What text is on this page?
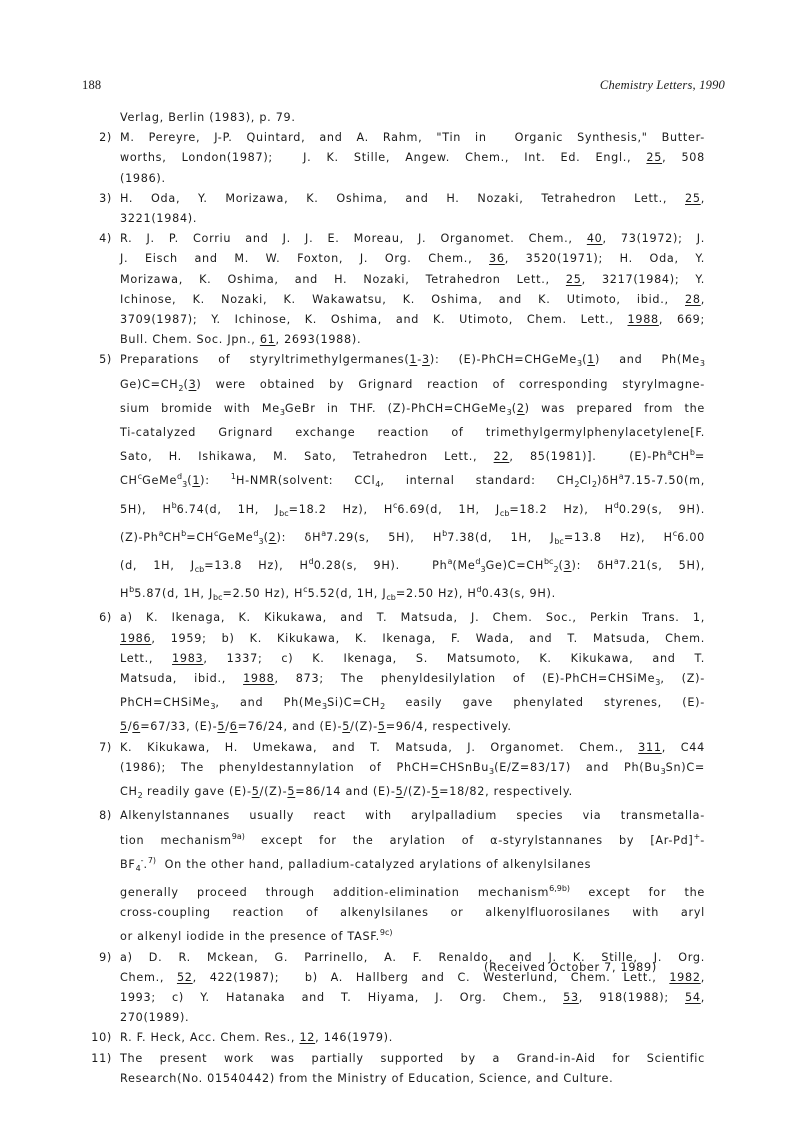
188	Chemistry Letters, 1990
Verlag, Berlin (1983), p. 79.
2) M. Pereyre, J-P. Quintard, and A. Rahm, "Tin in  Organic Synthesis," Butter-
worths, London(1987);  J. K. Stille, Angew. Chem., Int. Ed. Engl., 25, 508
(1986).
3) H. Oda, Y. Morizawa, K. Oshima, and H. Nozaki, Tetrahedron Lett., 25,
3221(1984).
4) R. J. P. Corriu and J. J. E. Moreau, J. Organomet. Chem., 40, 73(1972); J.
J. Eisch and M. W. Foxton, J. Org. Chem., 36, 3520(1971); H. Oda, Y.
Morizawa, K. Oshima, and H. Nozaki, Tetrahedron Lett., 25, 3217(1984); Y.
Ichinose, K. Nozaki, K. Wakawatsu, K. Oshima, and K. Utimoto, ibid., 28,
3709(1987); Y. Ichinose, K. Oshima, and K. Utimoto, Chem. Lett., 1988, 669;
Bull. Chem. Soc. Jpn., 61, 2693(1988).
5) Preparations of styryltrimethylgermanes(1-3): (E)-PhCH=CHGeMe$_3$(1) and $Ph(Me_3$
$Ge)C=CH_2(3)$ were obtained by Grignard reaction of corresponding styrylmagne-
sium bromide with $Me_3GeBr$ in THF. (Z)-PhCH=CHGeMe$_3$(2) was prepared from the
Ti-catalyzed Grignard exchange reaction of trimethylgermylphenylacetylene[F.
Sato, H. Ishikawa, M. Sato, Tetrahedron Lett., 22, 85(1981)].  $(E)-Ph^aCH^b=$
$CH^cGeMe^d_3(1)$: $^1$H-NMR(solvent: CCl$_4$, internal standard: $CH_2Cl_2)\delta H^a7.15-7.50(m$,
5H), $H^b6.74(d$, 1H, $J_{bc}=18.2$ Hz), $H^c6.69(d$, 1H, $J_{cb}=18.2$ Hz), $H^d0.29(s$, 9H).
$(Z)-Ph^aCH^b=CH^cGeMe^d_3(2)$: $\delta H^a7.29(s$, 5H), $H^b7.38(d$, 1H, $J_{bc}=13.8$ Hz), $H^c6.00$
(d, 1H, $J_{cb}=13.8$ Hz), $H^d0.28(s$, 9H).  $Ph^a(Me^d_3Ge)C=CH^{bc}_2(3)$: $\delta H^a7.21(s$, 5H),
$H^b5.87(d$, 1H, $J_{bc}=2.50$ Hz), $H^c5.52(d$, 1H, $J_{cb}=2.50$ Hz), $H^d0.43(s$, 9H).
6) a) K. Ikenaga, K. Kikukawa, and T. Matsuda, J. Chem. Soc., Perkin Trans. 1,
1986, 1959; b) K. Kikukawa, K. Ikenaga, F. Wada, and T. Matsuda, Chem.
Lett., 1983, 1337; c) K. Ikenaga, S. Matsumoto, K. Kikukawa, and T.
Matsuda, ibid., 1988, 873; The phenyldesilylation of (E)-PhCH=CHSiMe$_3$, (Z)-
PhCH=CHSiMe$_3$, and $Ph(Me_3Si)C=CH_2$ easily gave phenylated styrenes, (E)-
5/6=67/33, (E)-5/6=76/24, and (E)-5/(Z)-5=96/4, respectively.
7) K. Kikukawa, H. Umekawa, and T. Matsuda, J. Organomet. Chem., 311, C44
(1986); The phenyldestannylation of PhCH=CHSnBu$_3$(E/Z=83/17) and $Ph(Bu_3Sn)C=$
$CH_2$ readily gave (E)-5/(Z)-5=86/14 and (E)-5/(Z)-5=18/82, respectively.
8) Alkenylstannanes usually react with arylpalladium species via transmetalla-
tion mechanism$^{9a)}$ except for the arylation of α-styrylstannanes by [Ar-Pd]+-
$BF_4^-.^{7)}$  On the other hand, palladium-catalyzed arylations of alkenylsilanes
generally proceed through addition-elimination mechanism$^{6,9b)}$ except for the
cross-coupling reaction of alkenylsilanes or alkenylfluorosilanes with aryl
or alkenyl iodide in the presence of TASF.$^{9c)}$
9) a) D. R. Mckean, G. Parrinello, A. F. Renaldo, and J. K. Stille, J. Org.
Chem., 52, 422(1987);  b) A. Hallberg and C. Westerlund, Chem. Lett., 1982,
1993; c) Y. Hatanaka and T. Hiyama, J. Org. Chem., 53, 918(1988); 54,
270(1989).
10) R. F. Heck, Acc. Chem. Res., 12, 146(1979).
11) The present work was partially supported by a Grand-in-Aid for Scientific
Research(No. 01540442) from the Ministry of Education, Science, and Culture.
(Received October 7, 1989)
